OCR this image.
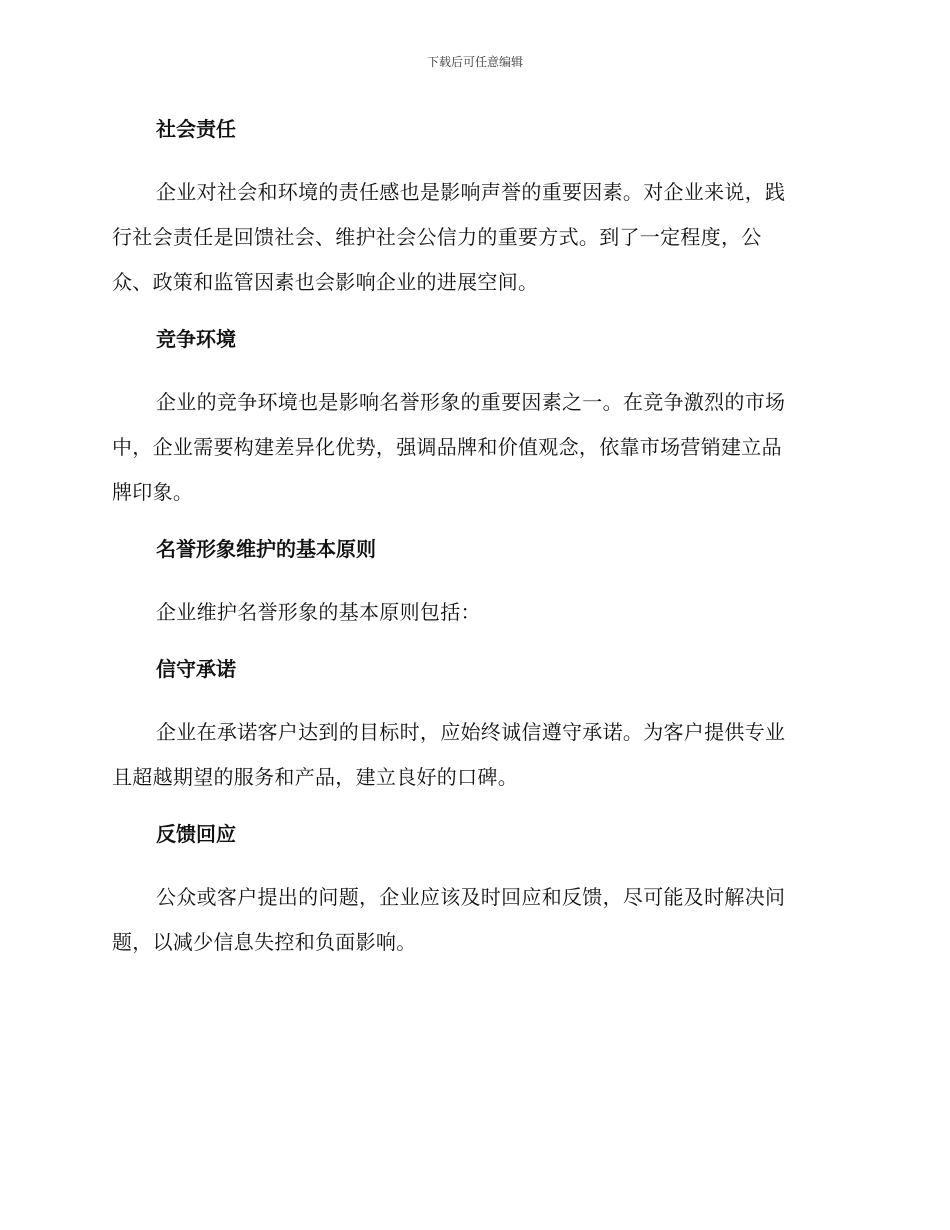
下载后可任意编辑
社会责任
企业对社会和环境的责任感也是影响声誉的重要因素。对企业来说，践
行社会责任是回馈社会、维护社会公信力的重要方式。到了一定程度，公
众、政策和监管因素也会影响企业的进展空间。
竞争环境
企业的竞争环境也是影响名誉形象的重要因素之一。在竞争激烈的市场
中，企业需要构建差异化优势，强调品牌和价值观念，依靠市场营销建立品
牌印象。
名誉形象维护的基本原则
企业维护名誉形象的基本原则包括：
信守承诺
企业在承诺客户达到的目标时，应始终诚信遵守承诺。为客户提供专业
且超越期望的服务和产品，建立良好的口碑。
反馈回应
公众或客户提出的问题，企业应该及时回应和反馈，尽可能及时解决问
题，以减少信息失控和负面影响。
